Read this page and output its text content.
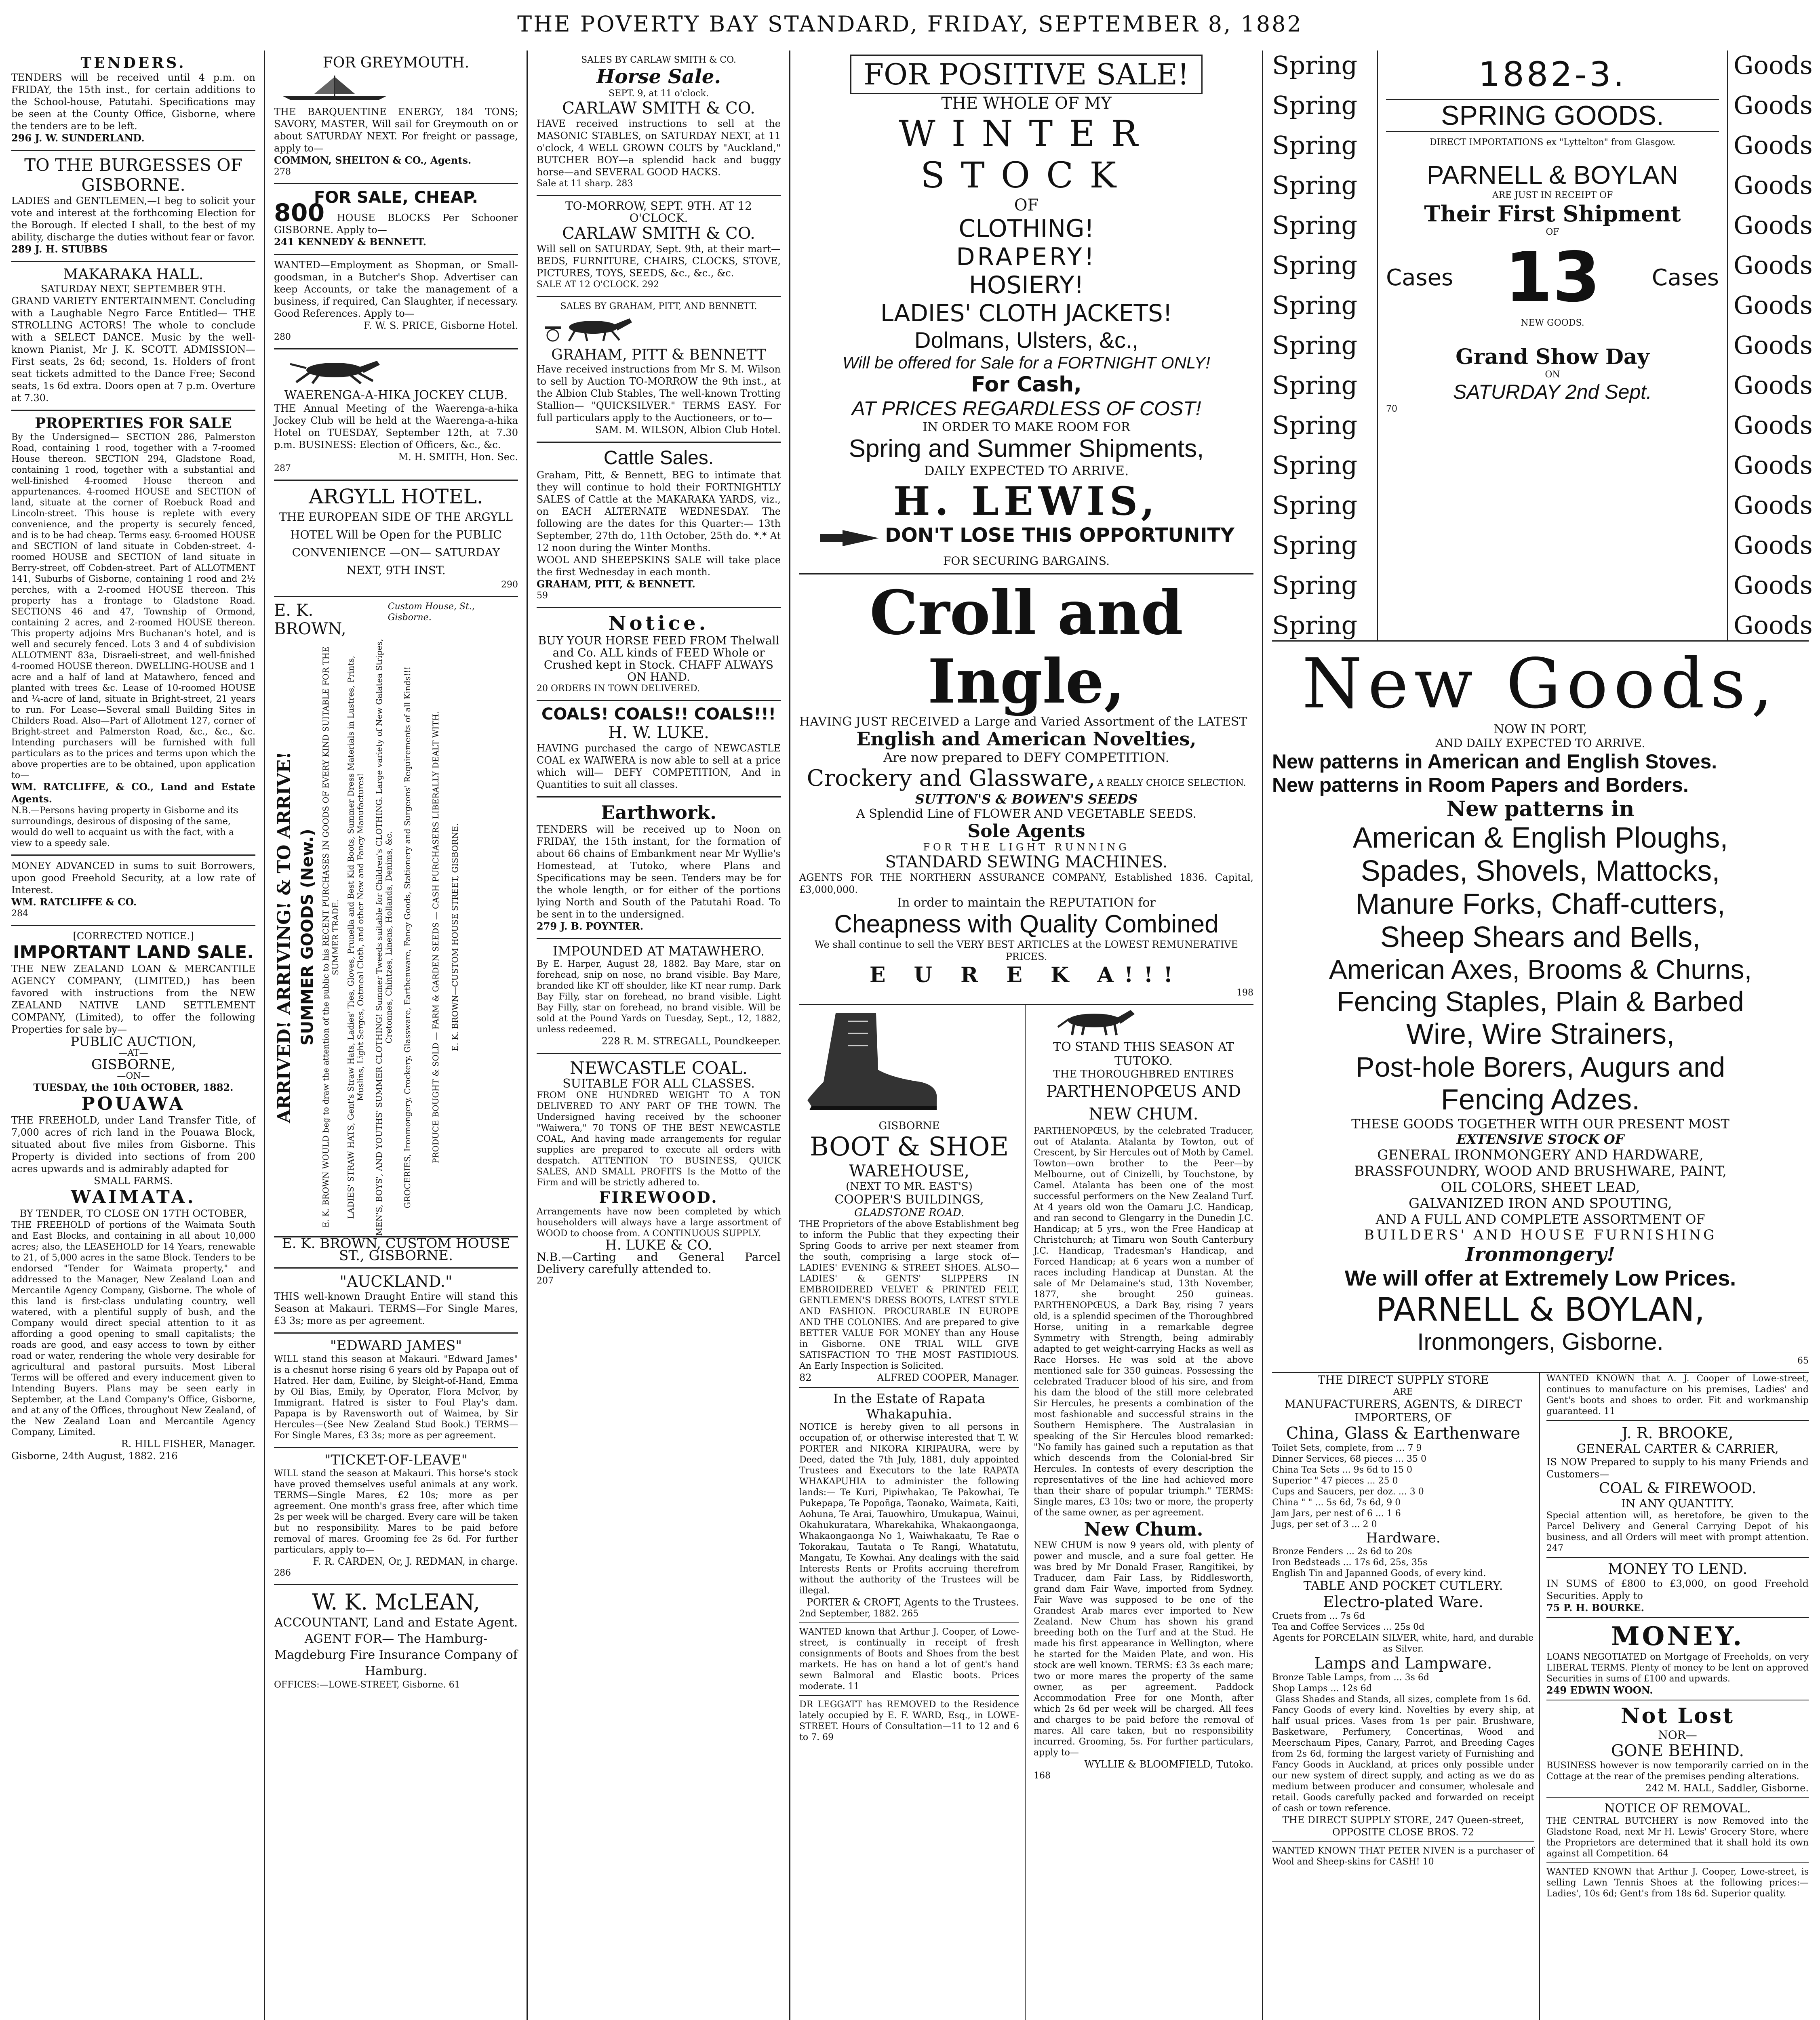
THE POVERTY BAY STANDARD, FRIDAY, SEPTEMBER 8, 1882
TENDERS.
TENDERS will be received until 4 p.m. on FRIDAY, the 15th inst., for certain additions to the School-house, Patutahi. Specifications may be seen at the County Office, Gisborne, where the tenders are to be left.
296 J. W. SUNDERLAND.
TO THE BURGESSES OF GISBORNE.
LADIES and GENTLEMEN,—I beg to solicit your vote and interest at the forthcoming Election for the Borough. If elected I shall, to the best of my ability, discharge the duties without fear or favor.
289 J. H. STUBBS
MAKARAKA HALL.
SATURDAY NEXT, SEPTEMBER 9TH.
GRAND VARIETY ENTERTAINMENT. Concluding with a Laughable Negro Farce Entitled— THE STROLLING ACTORS! The whole to conclude with a SELECT DANCE. Music by the well-known Pianist, Mr J. K. SCOTT. ADMISSION—First seats, 2s 6d; second, 1s. Holders of front seat tickets admitted to the Dance Free; Second seats, 1s 6d extra. Doors open at 7 p.m. Overture at 7.30.
PROPERTIES FOR SALE
By the Undersigned— SECTION 286, Palmerston Road, containing 1 rood, together with a 7-roomed House thereon. SECTION 294, Gladstone Road, containing 1 rood, together with a substantial and well-finished 4-roomed House thereon and appurtenances. 4-roomed HOUSE and SECTION of land, situate at the corner of Roebuck Road and Lincoln-street. This house is replete with every convenience, and the property is securely fenced, and is to be had cheap. Terms easy. 6-roomed HOUSE and SECTION of land situate in Cobden-street. 4-roomed HOUSE and SECTION of land situate in Berry-street, off Cobden-street. Part of ALLOTMENT 141, Suburbs of Gisborne, containing 1 rood and 2½ perches, with a 2-roomed HOUSE thereon. This property has a frontage to Gladstone Road. SECTIONS 46 and 47, Township of Ormond, containing 2 acres, and 2-roomed HOUSE thereon. This property adjoins Mrs Buchanan's hotel, and is well and securely fenced. Lots 3 and 4 of subdivision ALLOTMENT 83a, Disraeli-street, and well-finished 4-roomed HOUSE thereon. DWELLING-HOUSE and 1 acre and a half of land at Matawhero, fenced and planted with trees &c. Lease of 10-roomed HOUSE and ¼-acre of land, situate in Bright-street, 21 years to run. For Lease—Several small Building Sites in Childers Road. Also—Part of Allotment 127, corner of Bright-street and Palmerston Road, &c., &c., &c. Intending purchasers will be furnished with full particulars as to the prices and terms upon which the above properties are to be obtained, upon application to—
WM. RATCLIFFE, & CO., Land and Estate Agents.
N.B.—Persons having property in Gisborne and its surroundings, desirous of disposing of the same, would do well to acquaint us with the fact, with a view to a speedy sale.
MONEY ADVANCED in sums to suit Borrowers, upon good Freehold Security, at a low rate of Interest.
WM. RATCLIFFE & CO.
284
[CORRECTED NOTICE.]
IMPORTANT LAND SALE.
THE NEW ZEALAND LOAN & MERCANTILE AGENCY COMPANY, (LIMITED,) has been favored with instructions from the NEW ZEALAND NATIVE LAND SETTLEMENT COMPANY, (Limited), to offer the following Properties for sale by—
PUBLIC AUCTION,
—AT—
GISBORNE,
—ON—
TUESDAY, the 10th OCTOBER, 1882.
POUAWA
THE FREEHOLD, under Land Transfer Title, of 7,000 acres of rich land in the Pouawa Block, situated about five miles from Gisborne. This Property is divided into sections of from 200 acres upwards and is admirably adapted for
SMALL FARMS.
WAIMATA.
BY TENDER, TO CLOSE ON 17TH OCTOBER,
THE FREEHOLD of portions of the Waimata South and East Blocks, and containing in all about 10,000 acres; also, the LEASEHOLD for 14 Years, renewable to 21, of 5,000 acres in the same Block. Tenders to be endorsed "Tender for Waimata property," and addressed to the Manager, New Zealand Loan and Mercantile Agency Company, Gisborne. The whole of this land is first-class undulating country, well watered, with a plentiful supply of bush, and the Company would direct special attention to it as affording a good opening to small capitalists; the roads are good, and easy access to town by either road or water, rendering the whole very desirable for agricultural and pastoral pursuits. Most Liberal Terms will be offered and every inducement given to Intending Buyers. Plans may be seen early in September, at the Land Company's Office, Gisborne, and at any of the Offices, throughout New Zealand, of the New Zealand Loan and Mercantile Agency Company, Limited.
R. HILL FISHER, Manager.
Gisborne, 24th August, 1882. 216
FOR GREYMOUTH.
THE BARQUENTINE ENERGY, 184 TONS; SAVORY, MASTER, Will sail for Greymouth on or about SATURDAY NEXT. For freight or passage, apply to—
COMMON, SHELTON & CO., Agents.
278
FOR SALE, CHEAP.
800 HOUSE BLOCKS Per Schooner GISBORNE. Apply to—
241 KENNEDY & BENNETT.
WANTED—Employment as Shopman, or Small-goodsman, in a Butcher's Shop. Advertiser can keep Accounts, or take the management of a business, if required, Can Slaughter, if necessary. Good References. Apply to—
F. W. S. PRICE, Gisborne Hotel.
280
WAERENGA-A-HIKA JOCKEY CLUB.
THE Annual Meeting of the Waerenga-a-hika Jockey Club will be held at the Waerenga-a-hika Hotel on TUESDAY, September 12th, at 7.30 p.m. BUSINESS: Election of Officers, &c., &c.
M. H. SMITH, Hon. Sec.
287
ARGYLL HOTEL.
THE EUROPEAN SIDE OF THE ARGYLL HOTEL Will be Open for the PUBLIC CONVENIENCE —ON— SATURDAY NEXT, 9TH INST.
290
E. K. BROWN,
Custom House, St., Gisborne.
ARRIVED! ARRIVING! & TO ARRIVE! SUMMER GOODS (New.) E. K. BROWN WOULD beg to draw the attention of the public to his RECENT PURCHASES IN GOODS OF EVERY KIND SUITABLE FOR THE SUMMER TRADE. LADIES' STRAW HATS, Gent's Straw Hats, Ladies' Ties, Gloves, Prunella and Best Kid Boots, Summer Dress Materials in Lustres, Prints, Muslins, Light Serges, Oatmeal Cloth, and other New and Fancy Manufactures!	MEN'S, BOYS', AND YOUTHS' SUMMER CLOTHING! Summer Tweeds suitable for Children's CLOTHING. Large variety of New Galatea Stripes, Cretonnes, Chintzes, Linens, Hollands, Denims, &c.	GROCERIES, Ironmongery, Crockery, Glassware, Earthenware, Fancy Goods, Stationery and Surgeons' Requirements of all Kinds!!!	PRODUCE BOUGHT & SOLD — FARM & GARDEN SEEDS — CASH PURCHASERS LIBERALLY DEALT WITH.	E. K. BROWN—CUSTOM HOUSE STREET, GISBORNE.
E. K. BROWN, CUSTOM HOUSE ST., GISBORNE.
"AUCKLAND."
THIS well-known Draught Entire will stand this Season at Makauri. TERMS—For Single Mares, £3 3s; more as per agreement.
"EDWARD JAMES"
WILL stand this season at Makauri. "Edward James" is a chesnut horse rising 6 years old by Papapa out of Hatred. Her dam, Euiline, by Sleight-of-Hand, Emma by Oil Bias, Emily, by Operator, Flora McIvor, by Immigrant. Hatred is sister to Foul Play's dam. Papapa is by Ravensworth out of Waimea, by Sir Hercules—(See New Zealand Stud Book.) TERMS—For Single Mares, £3 3s; more as per agreement.
"TICKET-OF-LEAVE"
WILL stand the season at Makauri. This horse's stock have proved themselves useful animals at any work. TERMS—Single Mares, £2 10s; more as per agreement. One month's grass free, after which time 2s per week will be charged. Every care will be taken but no responsibility. Mares to be paid before removal of mares. Grooming fee 2s 6d. For further particulars, apply to—
F. R. CARDEN, Or, J. REDMAN, in charge.
286
W. K. McLEAN,
ACCOUNTANT, Land and Estate Agent. AGENT FOR— The Hamburg-Magdeburg Fire Insurance Company of Hamburg.
OFFICES:—LOWE-STREET, Gisborne. 61
SALES BY CARLAW SMITH & CO.
Horse Sale.
SEPT. 9, at 11 o'clock.
CARLAW SMITH & CO.
HAVE received instructions to sell at the MASONIC STABLES, on SATURDAY NEXT, at 11 o'clock, 4 WELL GROWN COLTS by "Auckland," BUTCHER BOY—a splendid hack and buggy horse—and SEVERAL GOOD HACKS.
Sale at 11 sharp. 283
TO-MORROW, SEPT. 9TH. AT 12 O'CLOCK.
CARLAW SMITH & CO.
Will sell on SATURDAY, Sept. 9th, at their mart— BEDS, FURNITURE, CHAIRS, CLOCKS, STOVE, PICTURES, TOYS, SEEDS, &c., &c., &c.
SALE AT 12 O'CLOCK. 292
SALES BY GRAHAM, PITT, AND BENNETT.
GRAHAM, PITT & BENNETT
Have received instructions from Mr S. M. Wilson to sell by Auction TO-MORROW the 9th inst., at the Albion Club Stables, The well-known Trotting Stallion— "QUICKSILVER." TERMS EASY. For full particulars apply to the Auctioneers, or to—
SAM. M. WILSON, Albion Club Hotel.
Cattle Sales.
Graham, Pitt, & Bennett, BEG to intimate that they will continue to hold their FORTNIGHTLY SALES of Cattle at the MAKARAKA YARDS, viz., on EACH ALTERNATE WEDNESDAY. The following are the dates for this Quarter:— 13th September, 27th do, 11th October, 25th do. *.* At 12 noon during the Winter Months.
WOOL AND SHEEPSKINS SALE will take place the first Wednesday in each month.
GRAHAM, PITT, & BENNETT.
59
Notice.
BUY YOUR HORSE FEED FROM Thelwall and Co. ALL kinds of FEED Whole or Crushed kept in Stock. CHAFF ALWAYS ON HAND.
20 ORDERS IN TOWN DELIVERED.
COALS! COALS!! COALS!!!
H. W. LUKE.
HAVING purchased the cargo of NEWCASTLE COAL ex WAIWERA is now able to sell at a price which will— DEFY COMPETITION, And in Quantities to suit all classes.
Earthwork.
TENDERS will be received up to Noon on FRIDAY, the 15th instant, for the formation of about 66 chains of Embankment near Mr Wyllie's Homestead, at Tutoko, where Plans and Specifications may be seen. Tenders may be for the whole length, or for either of the portions lying North and South of the Patutahi Road. To be sent in to the undersigned.
279 J. B. POYNTER.
IMPOUNDED AT MATAWHERO.
By E. Harper, August 28, 1882. Bay Mare, star on forehead, snip on nose, no brand visible. Bay Mare, branded like KT off shoulder, like KT near rump. Dark Bay Filly, star on forehead, no brand visible. Light Bay Filly, star on forehead, no brand visible. Will be sold at the Pound Yards on Tuesday, Sept., 12, 1882, unless redeemed.
228 R. M. STREGALL, Poundkeeper.
NEWCASTLE COAL.
SUITABLE FOR ALL CLASSES.
FROM ONE HUNDRED WEIGHT TO A TON DELIVERED TO ANY PART OF THE TOWN. The Undersigned having received by the schooner "Waiwera," 70 TONS OF THE BEST NEWCASTLE COAL, And having made arrangements for regular supplies are prepared to execute all orders with despatch. ATTENTION TO BUSINESS, QUICK SALES, AND SMALL PROFITS Is the Motto of the Firm and will be strictly adhered to.
FIREWOOD.
Arrangements have now been completed by which householders will always have a large assortment of WOOD to choose from. A CONTINUOUS SUPPLY.
H. LUKE & CO.
N.B.—Carting and General Parcel Delivery carefully attended to.
207
FOR POSITIVE SALE!
THE WHOLE OF MY
WINTER STOCK
OF
CLOTHING!
DRAPERY!
HOSIERY!
LADIES' CLOTH JACKETS!
Dolmans, Ulsters, &c.,
Will be offered for Sale for a FORTNIGHT ONLY!
For Cash,
AT PRICES REGARDLESS OF COST!
IN ORDER TO MAKE ROOM FOR
Spring and Summer Shipments,
DAILY EXPECTED TO ARRIVE.
H. LEWIS,
DON'T LOSE THIS OPPORTUNITY
FOR SECURING BARGAINS.
Croll and Ingle,
HAVING JUST RECEIVED a Large and Varied Assortment of the LATEST
English and American Novelties,
Are now prepared to DEFY COMPETITION.
Crockery and Glassware, A REALLY CHOICE SELECTION.
SUTTON'S & BOWEN'S SEEDS
A Splendid Line of FLOWER AND VEGETABLE SEEDS.
Sole Agents
FOR THE LIGHT RUNNING
STANDARD SEWING MACHINES.
AGENTS FOR THE NORTHERN ASSURANCE COMPANY, Established 1836. Capital, £3,000,000.
In order to maintain the REPUTATION for
Cheapness with Quality Combined
We shall continue to sell the VERY BEST ARTICLES at the LOWEST REMUNERATIVE PRICES.
E U R E K A!!!
198
GISBORNE
BOOT & SHOE
WAREHOUSE,
(NEXT TO MR. EAST'S)
COOPER'S BUILDINGS,
GLADSTONE ROAD.
THE Proprietors of the above Establishment beg to inform the Public that they expecting their Spring Goods to arrive per next steamer from the south, comprising a large stock of— LADIES' EVENING & STREET SHOES. ALSO— LADIES' & GENTS' SLIPPERS IN EMBROIDERED VELVET & PRINTED FELT, GENTLEMEN'S DRESS BOOTS, LATEST STYLE AND FASHION. PROCURABLE IN EUROPE AND THE COLONIES. And are prepared to give BETTER VALUE FOR MONEY than any House in Gisborne. ONE TRIAL WILL GIVE SATISFACTION TO THE MOST FASTIDIOUS. An Early Inspection is Solicited.
82	ALFRED COOPER, Manager.
In the Estate of Rapata Whakapuhia.
NOTICE is hereby given to all persons in occupation of, or otherwise interested that T. W. PORTER and NIKORA KIRIPAURA, were by Deed, dated the 7th July, 1881, duly appointed Trustees and Executors to the late RAPATA WHAKAPUHIA to administer the following lands:— Te Kuri, Pipiwhakao, Te Pakowhai, Te Pukepapa, Te Popoñga, Taonako, Waimata, Kaiti, Aohuna, Te Arai, Tauowhiro, Umukapua, Wainui, Okahukuratara, Wharekahika, Whakaongaonga, Whakaongaonga No 1, Waiwhakaatu, Te Rae o Tokorakau, Tautata o Te Rangi, Whatatutu, Mangatu, Te Kowhai. Any dealings with the said Interests Rents or Profits accruing therefrom without the authority of the Trustees will be illegal.
PORTER & CROFT, Agents to the Trustees.
2nd September, 1882. 265
WANTED known that Arthur J. Cooper, of Lowe-street, is continually in receipt of fresh consignments of Boots and Shoes from the best markets. He has on hand a lot of gent's hand sewn Balmoral and Elastic boots. Prices moderate. 11
DR LEGGATT has REMOVED to the Residence lately occupied by E. F. WARD, Esq., in LOWE-STREET. Hours of Consultation—11 to 12 and 6 to 7. 69
TO STAND THIS SEASON AT TUTOKO.
THE THOROUGHBRED ENTIRES
PARTHENOPŒUS AND NEW CHUM.
PARTHENOPŒUS, by the celebrated Traducer, out of Atalanta. Atalanta by Towton, out of Crescent, by Sir Hercules out of Moth by Camel. Towton—own brother to the Peer—by Melbourne, out of Cinizelli, by Touchstone, by Camel. Atalanta has been one of the most successful performers on the New Zealand Turf. At 4 years old won the Oamaru J.C. Handicap, and ran second to Glengarry in the Dunedin J.C. Handicap; at 5 yrs., won the Free Handicap at Christchurch; at Timaru won South Canterbury J.C. Handicap, Tradesman's Handicap, and Forced Handicap; at 6 years won a number of races including Handicap at Dunstan. At the sale of Mr Delamaine's stud, 13th November, 1877, she brought 250 guineas. PARTHENOPŒUS, a Dark Bay, rising 7 years old, is a splendid specimen of the Thoroughbred Horse, uniting in a remarkable degree Symmetry with Strength, being admirably adapted to get weight-carrying Hacks as well as Race Horses. He was sold at the above mentioned sale for 350 guineas. Possessing the celebrated Traducer blood of his sire, and from his dam the blood of the still more celebrated Sir Hercules, he presents a combination of the most fashionable and successful strains in the Southern Hemisphere. The Australasian in speaking of the Sir Hercules blood remarked: "No family has gained such a reputation as that which descends from the Colonial-bred Sir Hercules. In contests of every description the representatives of the line had achieved more than their share of popular triumph." TERMS: Single mares, £3 10s; two or more, the property of the same owner, as per agreement.
New Chum.
NEW CHUM is now 9 years old, with plenty of power and muscle, and a sure foal getter. He was bred by Mr Donald Fraser, Rangitikei, by Traducer, dam Fair Lass, by Riddlesworth, grand dam Fair Wave, imported from Sydney. Fair Wave was supposed to be one of the Grandest Arab mares ever imported to New Zealand. New Chum has shown his grand breeding both on the Turf and at the Stud. He made his first appearance in Wellington, where he started for the Maiden Plate, and won. His stock are well known. TERMS: £3 3s each mare; two or more mares the property of the same owner, as per agreement. Paddock Accommodation Free for one Month, after which 2s 6d per week will be charged. All fees and charges to be paid before the removal of mares. All care taken, but no responsibility incurred. Grooming, 5s. For further particulars, apply to—
WYLLIE & BLOOMFIELD, Tutoko.
168
Spring
Spring
Spring
Spring
Spring
Spring
Spring
Spring
Spring
Spring
Spring
Spring
Spring
Spring
Spring
1882-3.
SPRING GOODS.
DIRECT IMPORTATIONS ex "Lyttelton" from Glasgow.
PARNELL & BOYLAN
ARE JUST IN RECEIPT OF
Their First Shipment
OF
Cases 13 Cases
NEW GOODS.
Grand Show Day
ON
SATURDAY 2nd Sept.
70
Goods
Goods
Goods
Goods
Goods
Goods
Goods
Goods
Goods
Goods
Goods
Goods
Goods
Goods
Goods
New Goods,
NOW IN PORT,
AND DAILY EXPECTED TO ARRIVE.
New patterns in American and English Stoves.
New patterns in Room Papers and Borders.
New patterns in
American & English Ploughs,
Spades, Shovels, Mattocks,
Manure Forks, Chaff-cutters,
Sheep Shears and Bells,
American Axes, Brooms & Churns,
Fencing Staples, Plain & Barbed
Wire, Wire Strainers,
Post-hole Borers, Augurs and
Fencing Adzes.
THESE GOODS TOGETHER WITH OUR PRESENT MOST
EXTENSIVE STOCK OF
GENERAL IRONMONGERY AND HARDWARE,
BRASSFOUNDRY, WOOD AND BRUSHWARE, PAINT,
OIL COLORS, SHEET LEAD,
GALVANIZED IRON AND SPOUTING,
AND A FULL AND COMPLETE ASSORTMENT OF
BUILDERS' AND HOUSE FURNISHING
Ironmongery!
We will offer at Extremely Low Prices.
PARNELL & BOYLAN,
Ironmongers, Gisborne.
65
THE DIRECT SUPPLY STORE
ARE
MANUFACTURERS, AGENTS, & DIRECT IMPORTERS, OF
China, Glass & Earthenware
Toilet Sets, complete, from ... 7 9
Dinner Services, 68 pieces ... 35 0
China Tea Sets ... 9s 6d to 15 0
Superior " 47 pieces ... 25 0
Cups and Saucers, per doz. ... 3 0
China " " ... 5s 6d, 7s 6d, 9 0
Jam Jars, per nest of 6 ... 1 6
Jugs, per set of 3 ... 2 0
Hardware.
Bronze Fenders ... 2s 6d to 20s
Iron Bedsteads ... 17s 6d, 25s, 35s
English Tin and Japanned Goods, of every kind.
TABLE AND POCKET CUTLERY.
Electro-plated Ware.
Cruets from ... 7s 6d
Tea and Coffee Services ... 25s 0d
Agents for PORCELAIN SILVER, white, hard, and durable as Silver.
Lamps and Lampware.
Bronze Table Lamps, from ... 3s 6d
Shop Lamps ... 12s 6d
Glass Shades and Stands, all sizes, complete from 1s 6d.
Fancy Goods of every kind. Novelties by every ship, at half usual prices. Vases from 1s per pair. Brushware, Basketware, Perfumery, Concertinas, Wood and Meerschaum Pipes, Canary, Parrot, and Breeding Cages from 2s 6d, forming the largest variety of Furnishing and Fancy Goods in Auckland, at prices only possible under our new system of direct supply, and acting as we do as medium between producer and consumer, wholesale and retail. Goods carefully packed and forwarded on receipt of cash or town reference.
THE DIRECT SUPPLY STORE, 247 Queen-street, OPPOSITE CLOSE BROS. 72
WANTED KNOWN THAT PETER NIVEN is a purchaser of Wool and Sheep-skins for CASH! 10
WANTED KNOWN that A. J. Cooper of Lowe-street, continues to manufacture on his premises, Ladies' and Gent's boots and shoes to order. Fit and workmanship guaranteed. 11
J. R. BROOKE,
GENERAL CARTER & CARRIER,
IS NOW Prepared to supply to his many Friends and Customers—
COAL & FIREWOOD.
IN ANY QUANTITY.
Special attention will, as heretofore, be given to the Parcel Delivery and General Carrying Depot of his business, and all Orders will meet with prompt attention. 247
MONEY TO LEND.
IN SUMS of £800 to £3,000, on good Freehold Securities. Apply to
75 P. H. BOURKE.
MONEY.
LOANS NEGOTIATED on Mortgage of Freeholds, on very LIBERAL TERMS. Plenty of money to be lent on approved Securities in sums of £100 and upwards.
249 EDWIN WOON.
Not Lost
NOR—
GONE BEHIND.
BUSINESS however is now temporarily carried on in the Cottage at the rear of the premises pending alterations.
242 M. HALL, Saddler, Gisborne.
NOTICE OF REMOVAL.
THE CENTRAL BUTCHERY is now Removed into the Gladstone Road, next Mr H. Lewis' Grocery Store, where the Proprietors are determined that it shall hold its own against all Competition. 64
WANTED KNOWN that Arthur J. Cooper, Lowe-street, is selling Lawn Tennis Shoes at the following prices:— Ladies', 10s 6d; Gent's from 18s 6d. Superior quality.
